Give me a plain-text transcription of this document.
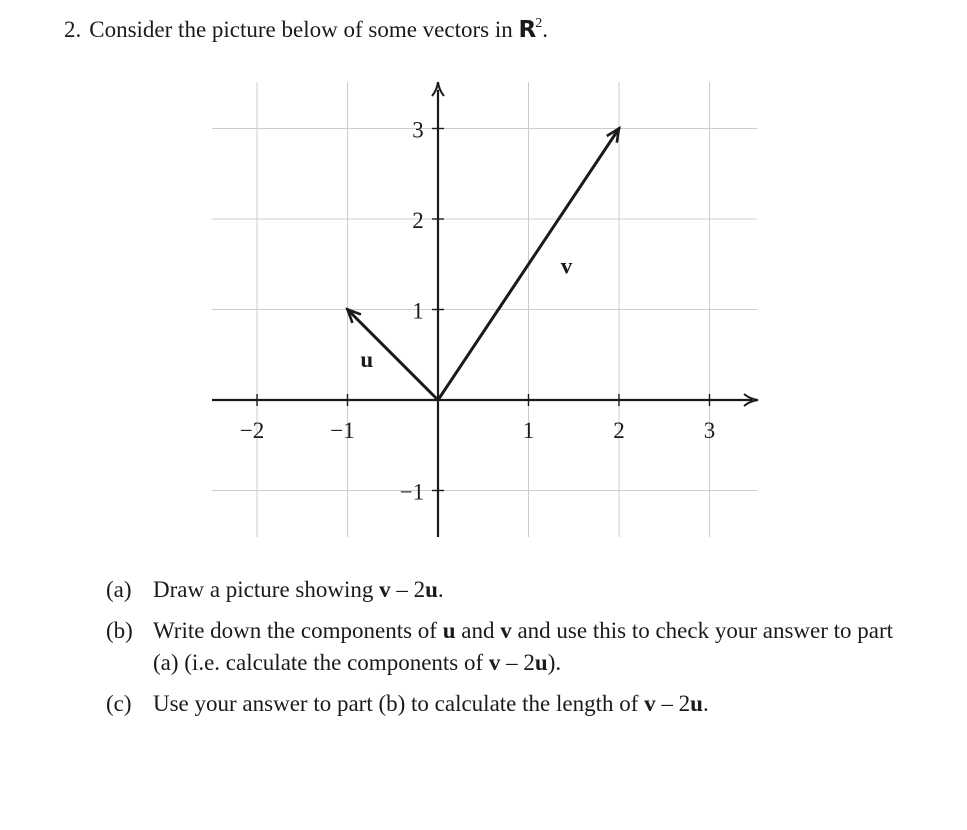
2. Consider the picture below of some vectors in $R^2$.
u
v
−2	−1	1	2	3
3
2
1
−1
(a) Draw a picture showing v – 2u.
(b) Write down the components of u and v and use this to check your answer to part (a) (i.e. calculate the components of v – 2u).
(c) Use your answer to part (b) to calculate the length of v – 2u.
